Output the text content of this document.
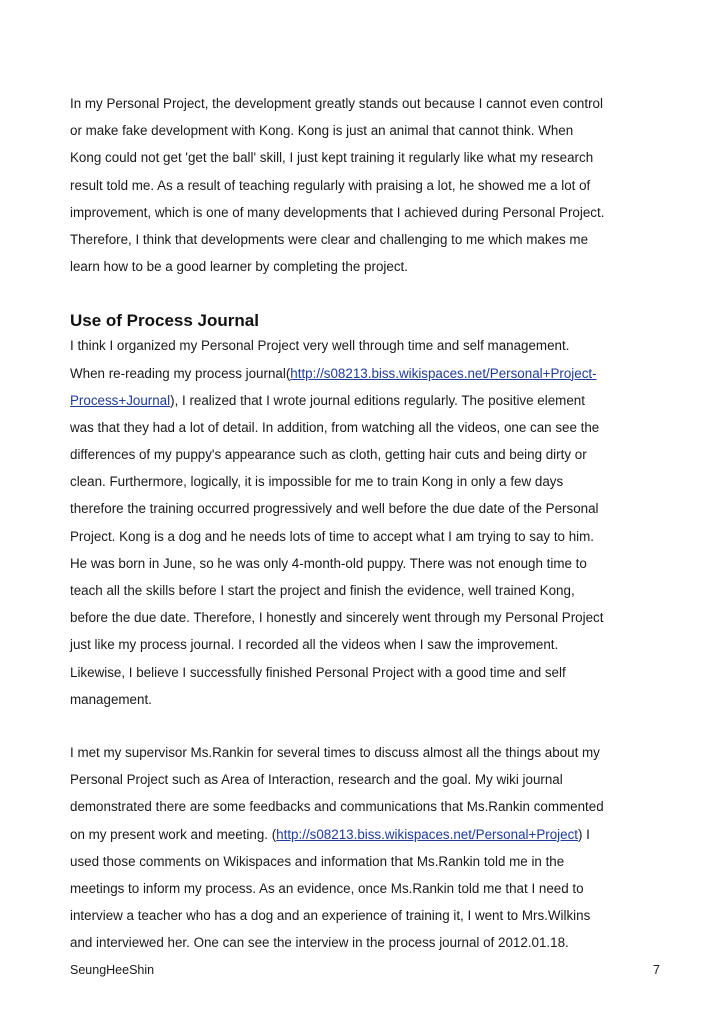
In my Personal Project, the development greatly stands out because I cannot even control
or make fake development with Kong. Kong is just an animal that cannot think. When
Kong could not get 'get the ball' skill, I just kept training it regularly like what my research
result told me. As a result of teaching regularly with praising a lot, he showed me a lot of
improvement, which is one of many developments that I achieved during Personal Project.
Therefore, I think that developments were clear and challenging to me which makes me
learn how to be a good learner by completing the project.

Use of Process Journal

I think I organized my Personal Project very well through time and self management.
When re-reading my process journal(http://s08213.biss.wikispaces.net/Personal+Project-
Process+Journal), I realized that I wrote journal editions regularly. The positive element
was that they had a lot of detail. In addition, from watching all the videos, one can see the
differences of my puppy's appearance such as cloth, getting hair cuts and being dirty or
clean. Furthermore, logically, it is impossible for me to train Kong in only a few days
therefore the training occurred progressively and well before the due date of the Personal
Project. Kong is a dog and he needs lots of time to accept what I am trying to say to him.
He was born in June, so he was only 4-month-old puppy. There was not enough time to
teach all the skills before I start the project and finish the evidence, well trained Kong,
before the due date. Therefore, I honestly and sincerely went through my Personal Project
just like my process journal. I recorded all the videos when I saw the improvement.
Likewise, I believe I successfully finished Personal Project with a good time and self
management.

I met my supervisor Ms.Rankin for several times to discuss almost all the things about my
Personal Project such as Area of Interaction, research and the goal. My wiki journal
demonstrated there are some feedbacks and communications that Ms.Rankin commented
on my present work and meeting. (http://s08213.biss.wikispaces.net/Personal+Project) I
used those comments on Wikispaces and information that Ms.Rankin told me in the
meetings to inform my process. As an evidence, once Ms.Rankin told me that I need to
interview a teacher who has a dog and an experience of training it, I went to Mrs.Wilkins
and interviewed her. One can see the interview in the process journal of 2012.01.18.

SeungHeeShin	7
